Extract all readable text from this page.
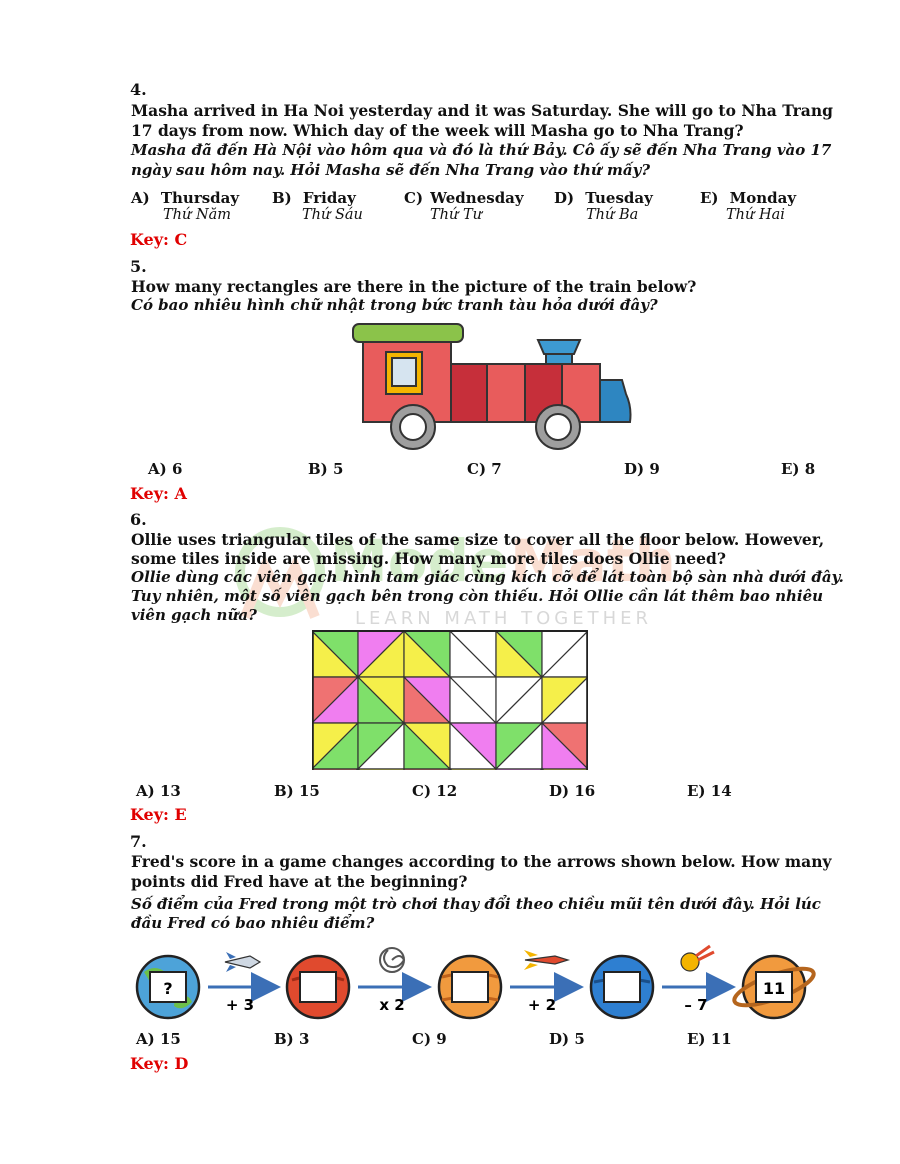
Mode Math
LEARN MATH TOGETHER
4.
Masha arrived in Ha Noi yesterday and it was Saturday. She will go to Nha Trang
17 days from now. Which day of the week will Masha go to Nha Trang?
Masha đã đến Hà Nội vào hôm qua và đó là thứ Bảy. Cô ấy sẽ đến Nha Trang vào 17
ngày sau hôm nay. Hỏi Masha sẽ đến Nha Trang vào thứ mấy?
A) Thursday
Thứ Năm
B) Friday
Thứ Sáu
C) Wednesday
Thứ Tư
D) Tuesday
Thứ Ba
E) Monday
Thứ Hai
Key: C
5.
How many rectangles are there in the picture of the train below?
Có bao nhiêu hình chữ nhật trong bức tranh tàu hỏa dưới đây?
A) 6	B) 5	C) 7	D) 9	E) 8
Key: A
6.
Ollie uses triangular tiles of the same size to cover all the floor below. However,
some tiles inside are missing. How many more tiles does Ollie need?
Ollie dùng các viên gạch hình tam giác cùng kích cỡ để lát toàn bộ sàn nhà dưới đây.
Tuy nhiên, một số viên gạch bên trong còn thiếu. Hỏi Ollie cần lát thêm bao nhiêu
viên gạch nữa?
A) 13	B) 15	C) 12	D) 16	E) 14
Key: E
7.
Fred's score in a game changes according to the arrows shown below. How many
points did Fred have at the beginning?
Số điểm của Fred trong một trò chơi thay đổi theo chiều mũi tên dưới đây. Hỏi lúc
đầu Fred có bao nhiêu điểm?
?
+ 3	x 2	+ 2	– 7
11
A) 15	B) 3	C) 9	D) 5	E) 11
Key: D
